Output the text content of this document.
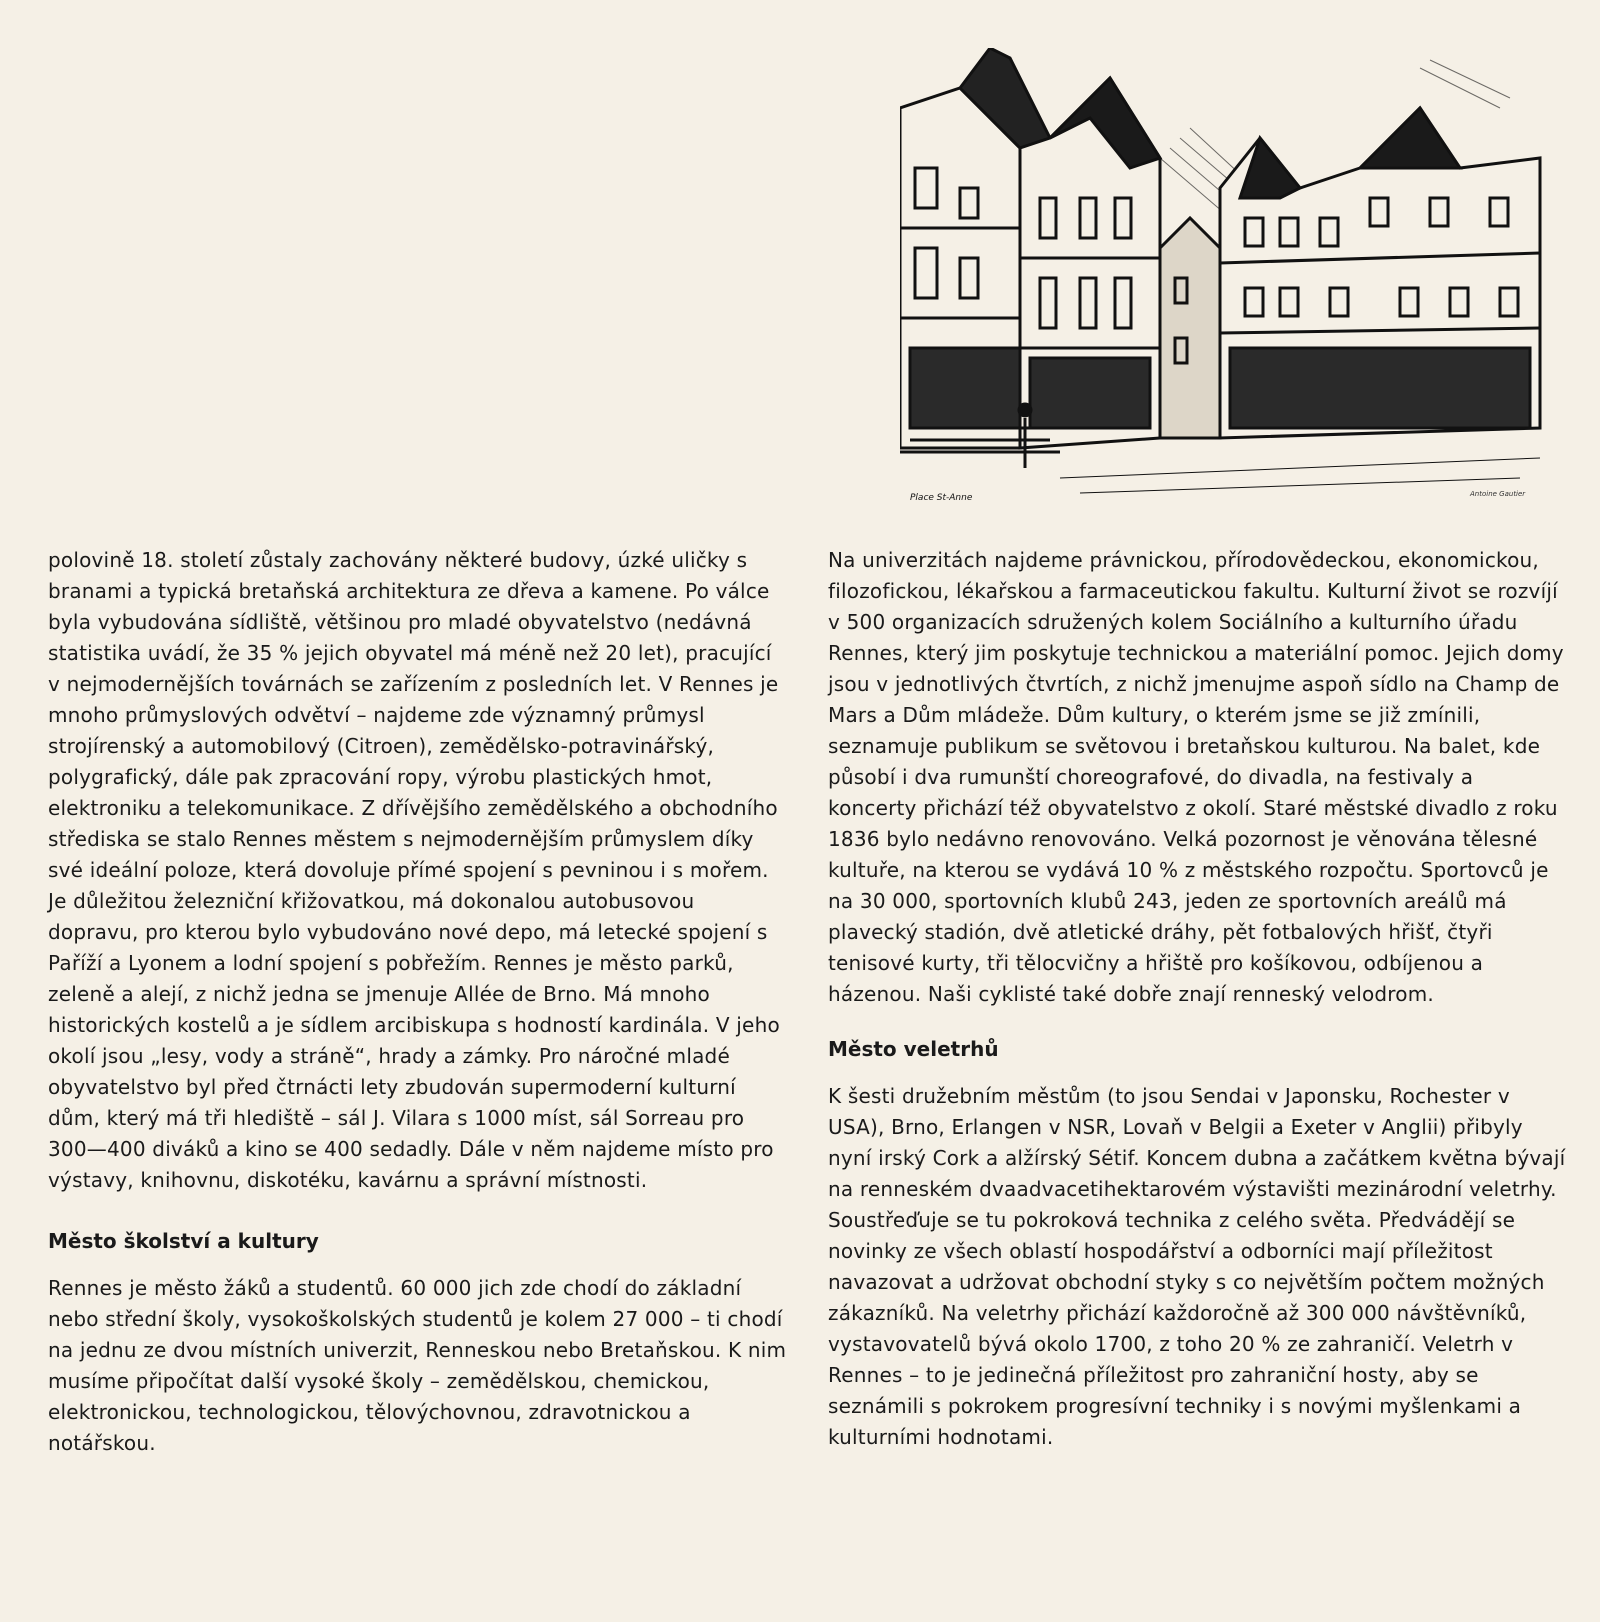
Place St-Anne	Antoine Gautier

polovině 18. století zůstaly zachovány některé budovy, úzké uličky s branami a typická bretaňská architektura ze dřeva a kamene. Po válce byla vybudována sídliště, většinou pro mladé obyvatelstvo (nedávná statistika uvádí, že 35 % jejich obyvatel má méně než 20 let), pracující v nejmodernějších továrnách se zařízením z posledních let. V Rennes je mnoho průmyslových odvětví – najdeme zde významný průmysl strojírenský a automobilový (Citroen), zemědělsko-potravinářský, polygrafický, dále pak zpracování ropy, výrobu plastických hmot, elektroniku a telekomunikace. Z dřívějšího zemědělského a obchodního střediska se stalo Rennes městem s nejmodernějším průmyslem díky své ideální poloze, která dovoluje přímé spojení s pevninou i s mořem. Je důležitou železniční křižovatkou, má dokonalou autobusovou dopravu, pro kterou bylo vybudováno nové depo, má letecké spojení s Paříží a Lyonem a lodní spojení s pobřežím. Rennes je město parků, zeleně a alejí, z nichž jedna se jmenuje Allée de Brno. Má mnoho historických kostelů a je sídlem arcibiskupa s hodností kardinála. V jeho okolí jsou „lesy, vody a stráně“, hrady a zámky. Pro náročné mladé obyvatelstvo byl před čtrnácti lety zbudován supermoderní kulturní dům, který má tři hlediště – sál J. Vilara s 1000 míst, sál Sorreau pro 300—400 diváků a kino se 400 sedadly. Dále v něm najdeme místo pro výstavy, knihovnu, diskotéku, kavárnu a správní místnosti.

Město školství a kultury

Rennes je město žáků a studentů. 60 000 jich zde chodí do základní nebo střední školy, vysokoškolských studentů je kolem 27 000 – ti chodí na jednu ze dvou místních univerzit, Renneskou nebo Bretaňskou. K nim musíme připočítat další vysoké školy – zemědělskou, chemickou, elektronickou, technologickou, tělovýchovnou, zdravotnickou a notářskou.

Na univerzitách najdeme právnickou, přírodovědeckou, ekonomickou, filozofickou, lékařskou a farmaceutickou fakultu. Kulturní život se rozvíjí v 500 organizacích sdružených kolem Sociálního a kulturního úřadu Rennes, který jim poskytuje technickou a materiální pomoc. Jejich domy jsou v jednotlivých čtvrtích, z nichž jmenujme aspoň sídlo na Champ de Mars a Dům mládeže. Dům kultury, o kterém jsme se již zmínili, seznamuje publikum se světovou i bretaňskou kulturou. Na balet, kde působí i dva rumunští choreografové, do divadla, na festivaly a koncerty přichází též obyvatelstvo z okolí. Staré městské divadlo z roku 1836 bylo nedávno renovováno. Velká pozornost je věnována tělesné kultuře, na kterou se vydává 10 % z městského rozpočtu. Sportovců je na 30 000, sportovních klubů 243, jeden ze sportovních areálů má plavecký stadión, dvě atletické dráhy, pět fotbalových hřišť, čtyři tenisové kurty, tři tělocvičny a hřiště pro košíkovou, odbíjenou a házenou. Naši cyklisté také dobře znají renneský velodrom.

Město veletrhů

K šesti družebním městům (to jsou Sendai v Japonsku, Rochester v USA), Brno, Erlangen v NSR, Lovaň v Belgii a Exeter v Anglii) přibyly nyní irský Cork a alžírský Sétif. Koncem dubna a začátkem května bývají na renneském dvaadvacetihektarovém výstavišti mezinárodní veletrhy. Soustřeďuje se tu pokroková technika z celého světa. Předvádějí se novinky ze všech oblastí hospodářství a odborníci mají příležitost navazovat a udržovat obchodní styky s co největším počtem možných zákazníků. Na veletrhy přichází každoročně až 300 000 návštěvníků, vystavovatelů bývá okolo 1700, z toho 20 % ze zahraničí. Veletrh v Rennes – to je jedinečná příležitost pro zahraniční hosty, aby se seznámili s pokrokem progresívní techniky i s novými myšlenkami a kulturními hodnotami.
